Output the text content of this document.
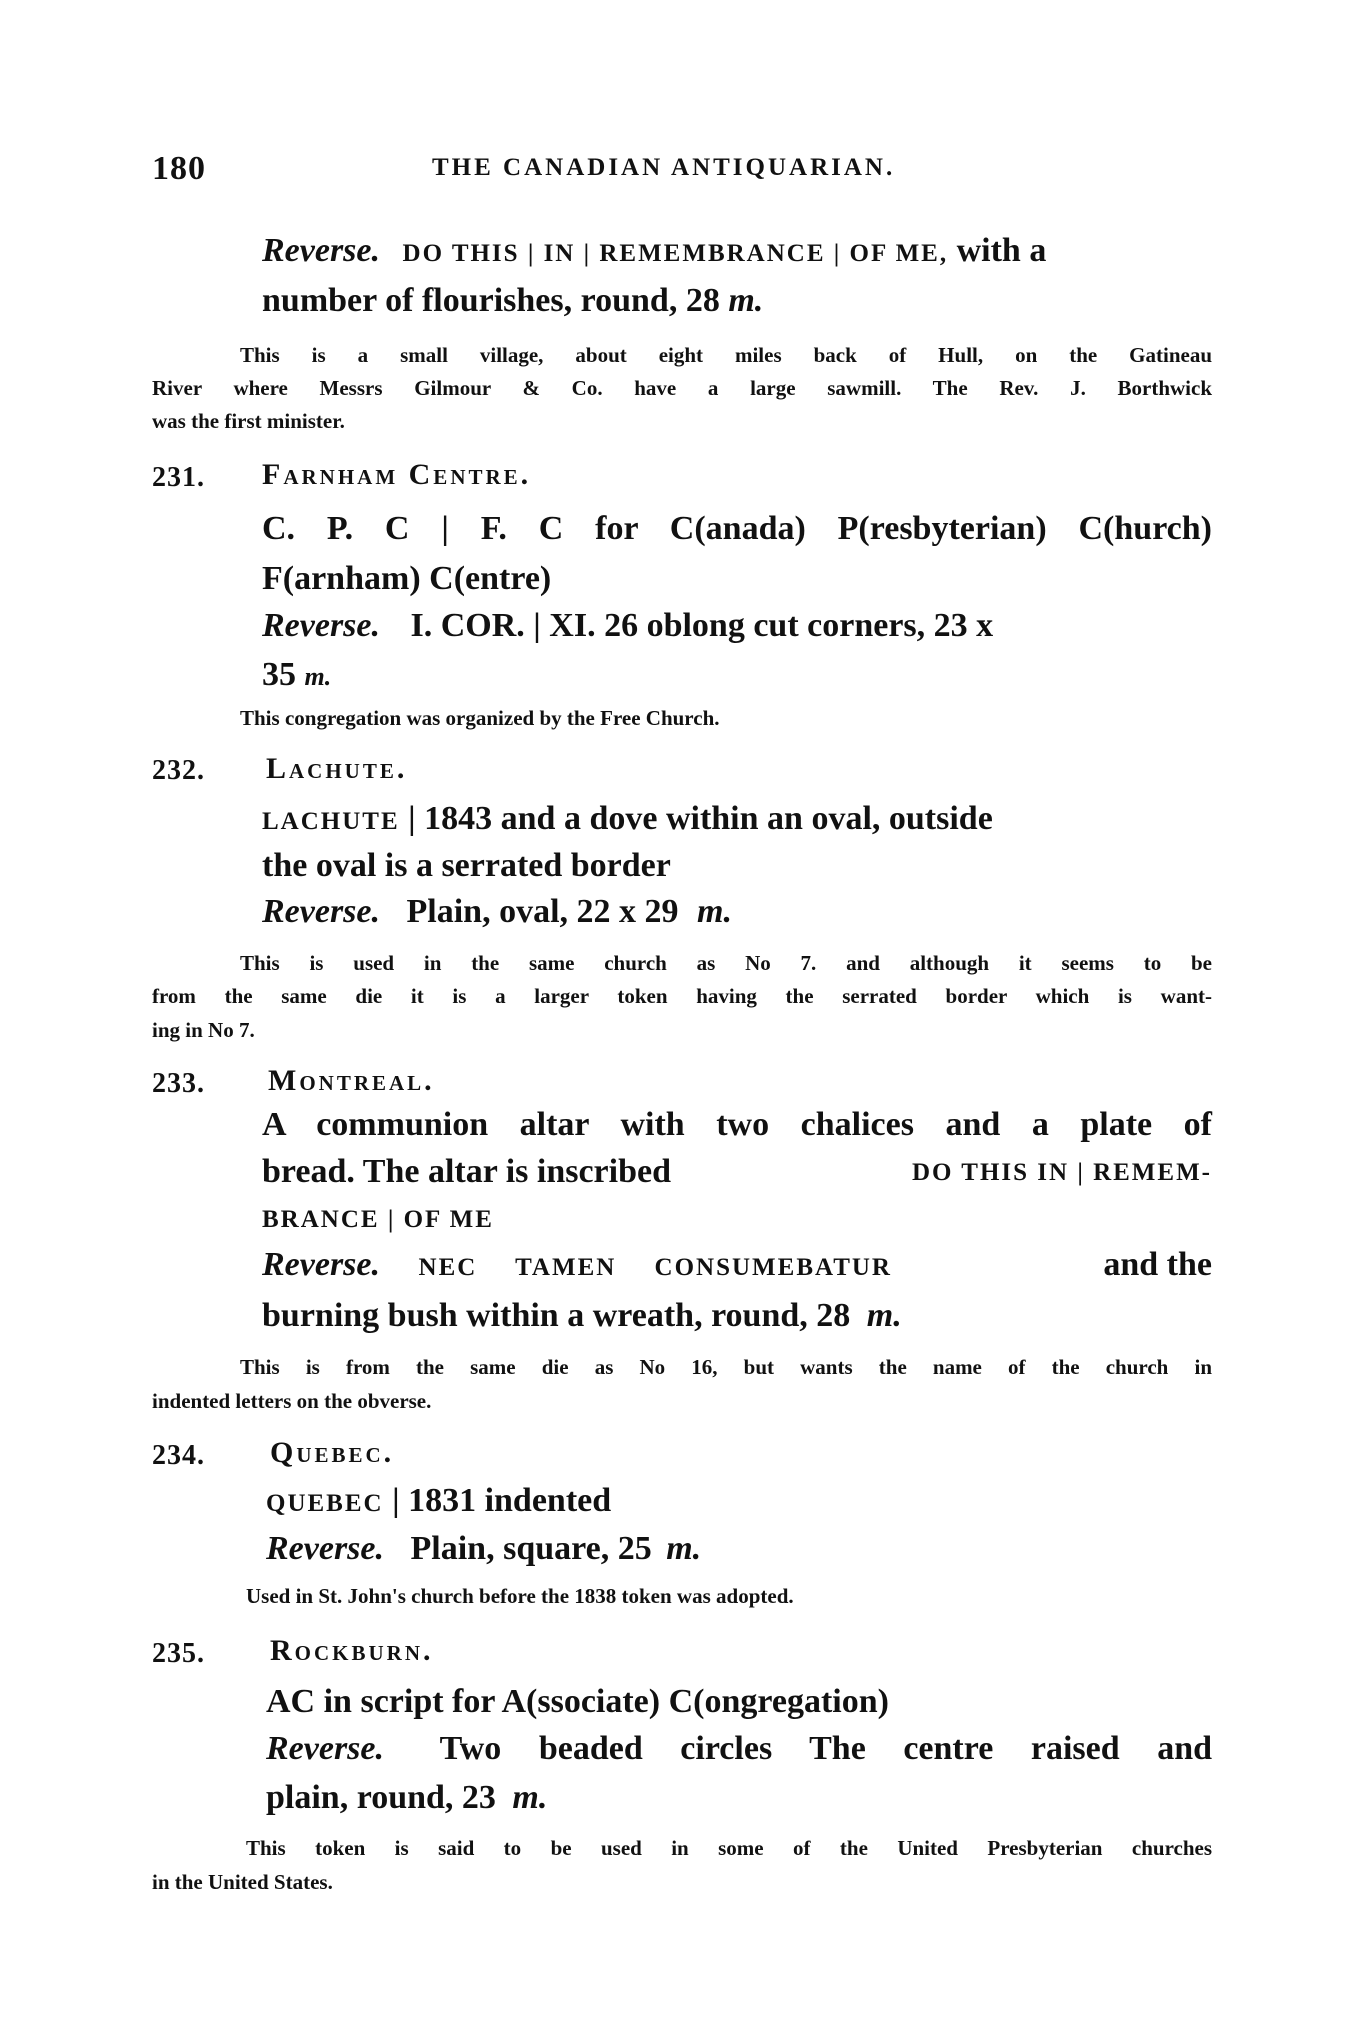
180	THE CANADIAN ANTIQUARIAN.
Reverse. DO THIS | IN | REMEMBRANCE | OF ME, with a
number of flourishes, round, 28 m.
This is a small village, about eight miles back of Hull, on the Gatineau
River where Messrs Gilmour & Co. have a large sawmill. The Rev. J. Borthwick
was the first minister.
231. Farnham Centre.
C. P. C | F. C for C(anada) P(resbyterian) C(hurch)
F(arnham) C(entre)
Reverse. I. COR. | XI. 26 oblong cut corners, 23 x
35 m.
This congregation was organized by the Free Church.
232. Lachute.
LACHUTE | 1843 and a dove within an oval, outside
the oval is a serrated border
Reverse. Plain, oval, 22 x 29 m.
This is used in the same church as No 7. and although it seems to be
from the same die it is a larger token having the serrated border which is want-
ing in No 7.
233. Montreal.
A communion altar with two chalices and a plate of
bread. The altar is inscribed	DO THIS IN | REMEM-
BRANCE | OF ME
Reverse. NEC TAMEN CONSUMEBATUR	and the
burning bush within a wreath, round, 28 m.
This is from the same die as No 16, but wants the name of the church in
indented letters on the obverse.
234. Quebec.
QUEBEC | 1831 indented
Reverse. Plain, square, 25 m.
Used in St. John's church before the 1838 token was adopted.
235. Rockburn.
AC in script for A(ssociate) C(ongregation)
Reverse. Two beaded circles The centre raised and
plain, round, 23 m.
This token is said to be used in some of the United Presbyterian churches
in the United States.
